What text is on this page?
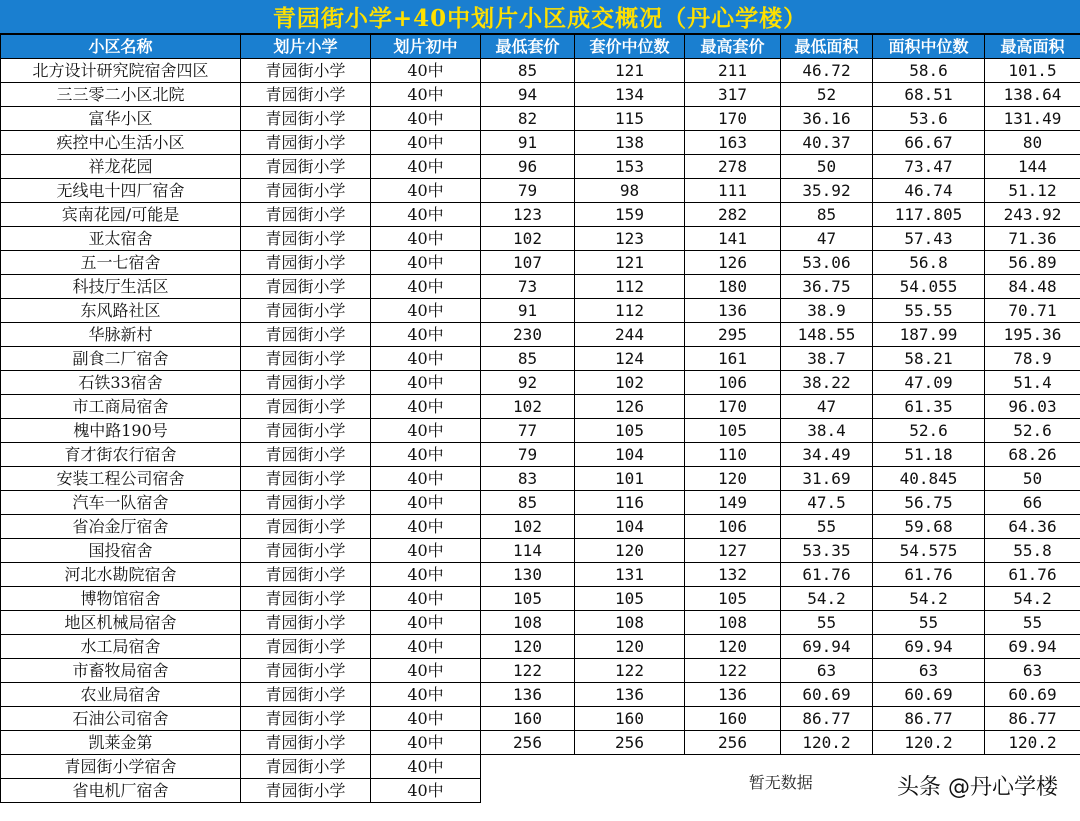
青园街小学+40中划片小区成交概况（丹心学楼）
小区名称	划片小学	划片初中	最低套价	套价中位数	最高套价	最低面积	面积中位数	最高面积
北方设计研究院宿舍四区	青园街小学	40中	85	121	211	46.72	58.6	101.5
三三零二小区北院	青园街小学	40中	94	134	317	52	68.51	138.64
富华小区	青园街小学	40中	82	115	170	36.16	53.6	131.49
疾控中心生活小区	青园街小学	40中	91	138	163	40.37	66.67	80
祥龙花园	青园街小学	40中	96	153	278	50	73.47	144
无线电十四厂宿舍	青园街小学	40中	79	98	111	35.92	46.74	51.12
宾南花园/可能是	青园街小学	40中	123	159	282	85	117.805	243.92
亚太宿舍	青园街小学	40中	102	123	141	47	57.43	71.36
五一七宿舍	青园街小学	40中	107	121	126	53.06	56.8	56.89
科技厅生活区	青园街小学	40中	73	112	180	36.75	54.055	84.48
东风路社区	青园街小学	40中	91	112	136	38.9	55.55	70.71
华脉新村	青园街小学	40中	230	244	295	148.55	187.99	195.36
副食二厂宿舍	青园街小学	40中	85	124	161	38.7	58.21	78.9
石铁33宿舍	青园街小学	40中	92	102	106	38.22	47.09	51.4
市工商局宿舍	青园街小学	40中	102	126	170	47	61.35	96.03
槐中路190号	青园街小学	40中	77	105	105	38.4	52.6	52.6
育才街农行宿舍	青园街小学	40中	79	104	110	34.49	51.18	68.26
安装工程公司宿舍	青园街小学	40中	83	101	120	31.69	40.845	50
汽车一队宿舍	青园街小学	40中	85	116	149	47.5	56.75	66
省冶金厅宿舍	青园街小学	40中	102	104	106	55	59.68	64.36
国投宿舍	青园街小学	40中	114	120	127	53.35	54.575	55.8
河北水勘院宿舍	青园街小学	40中	130	131	132	61.76	61.76	61.76
博物馆宿舍	青园街小学	40中	105	105	105	54.2	54.2	54.2
地区机械局宿舍	青园街小学	40中	108	108	108	55	55	55
水工局宿舍	青园街小学	40中	120	120	120	69.94	69.94	69.94
市畜牧局宿舍	青园街小学	40中	122	122	122	63	63	63
农业局宿舍	青园街小学	40中	136	136	136	60.69	60.69	60.69
石油公司宿舍	青园街小学	40中	160	160	160	86.77	86.77	86.77
凯莱金第	青园街小学	40中	256	256	256	120.2	120.2	120.2
青园街小学宿舍	青园街小学	40中	暂无数据					
省电机厂宿舍	青园街小学	40中							头条 @丹心学楼
